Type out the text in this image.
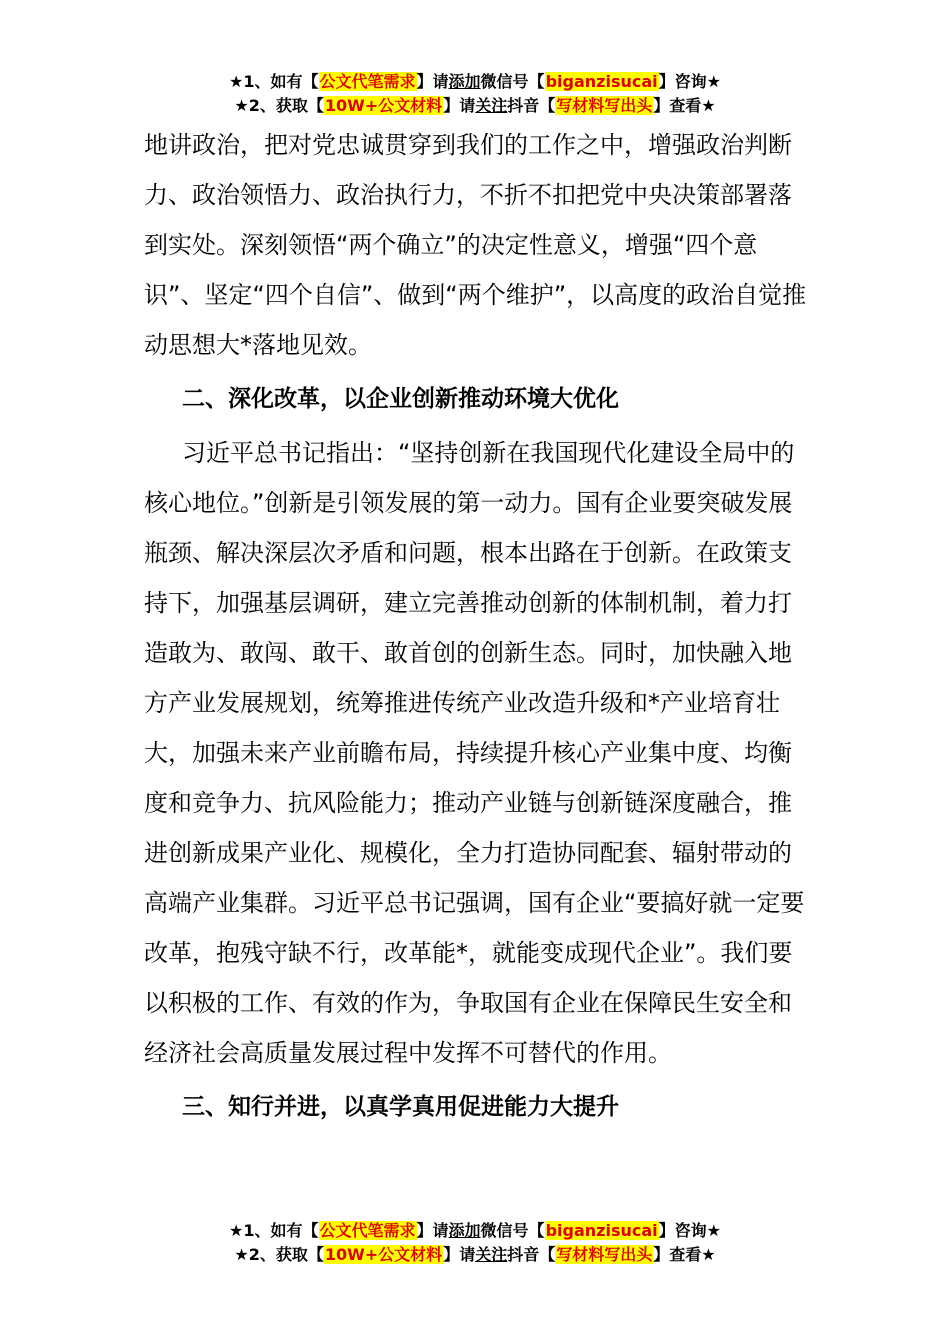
★1、如有【公文代笔需求】请添加微信号【biganzisucai】咨询★
★2、获取【10W+公文材料】请关注抖音【写材料写出头】查看★

地讲政治，把对党忠诚贯穿到我们的工作之中，增强政治判断力、政治领悟力、政治执行力，不折不扣把党中央决策部署落到实处。深刻领悟“两个确立”的决定性意义，增强“四个意识”、坚定“四个自信”、做到“两个维护”，以高度的政治自觉推动思想大*落地见效。

二、深化改革，以企业创新推动环境大优化

习近平总书记指出：“坚持创新在我国现代化建设全局中的核心地位。”创新是引领发展的第一动力。国有企业要突破发展瓶颈、解决深层次矛盾和问题，根本出路在于创新。在政策支持下，加强基层调研，建立完善推动创新的体制机制，着力打造敢为、敢闯、敢干、敢首创的创新生态。同时，加快融入地方产业发展规划，统筹推进传统产业改造升级和*产业培育壮大，加强未来产业前瞻布局，持续提升核心产业集中度、均衡度和竞争力、抗风险能力；推动产业链与创新链深度融合，推进创新成果产业化、规模化，全力打造协同配套、辐射带动的高端产业集群。习近平总书记强调，国有企业“要搞好就一定要改革，抱残守缺不行，改革能*，就能变成现代企业”。我们要以积极的工作、有效的作为，争取国有企业在保障民生安全和经济社会高质量发展过程中发挥不可替代的作用。

三、知行并进，以真学真用促进能力大提升

★1、如有【公文代笔需求】请添加微信号【biganzisucai】咨询★
★2、获取【10W+公文材料】请关注抖音【写材料写出头】查看★
